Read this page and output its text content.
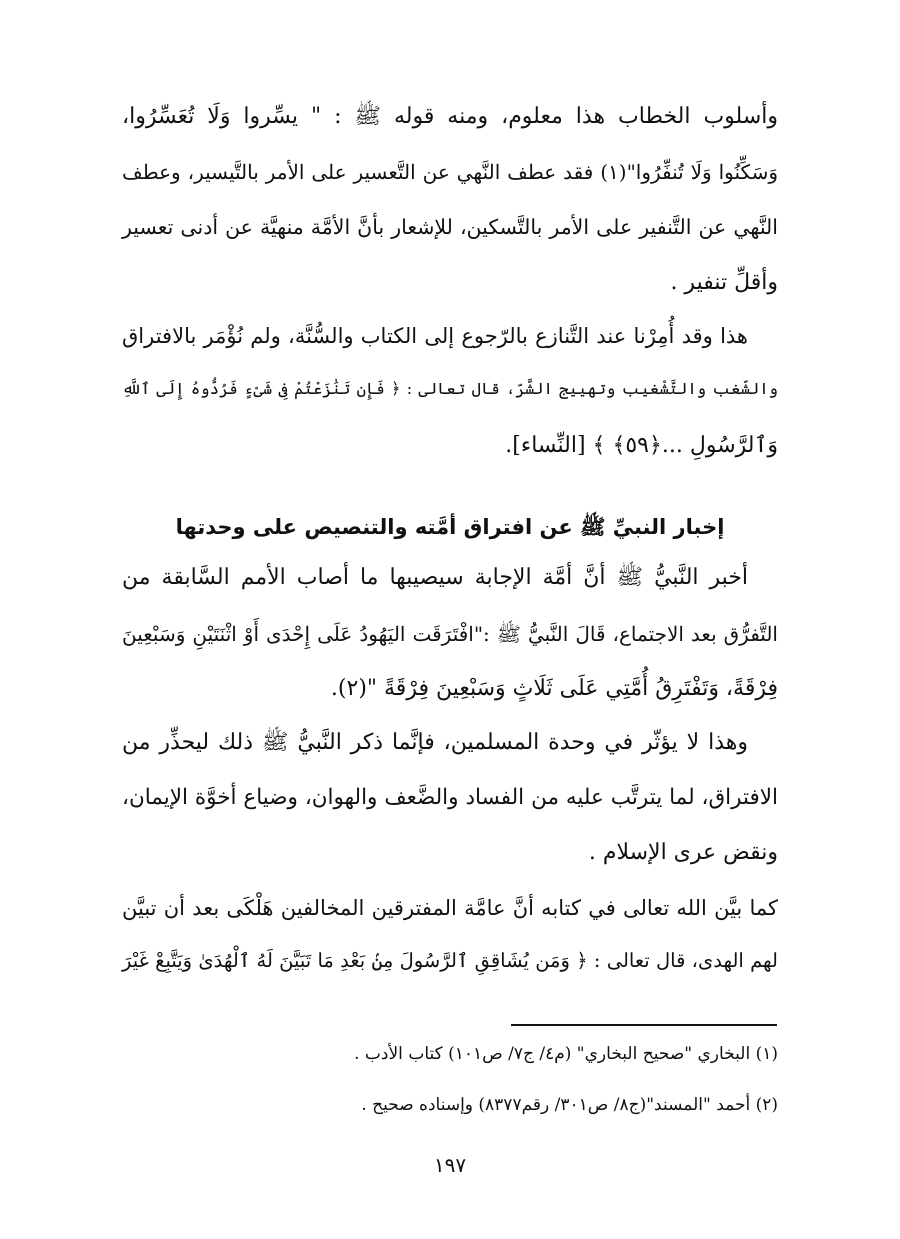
وأسلوب الخطاب هذا معلوم، ومنه قوله ﷺ : " يسِّروا وَلَا تُعَسِّرُوا،
وَسَكِّنُوا وَلَا تُنفِّرُوا"(١) فقد عطف النَّهي عن التَّعسير على الأمر بالتَّيسير، وعطف
النَّهي عن التَّنفير على الأمر بالتَّسكين، للإشعار بأنَّ الأمَّة منهيَّة عن أدنى تعسير
وأقلِّ تنفير .
هذا وقد أُمِرْنا عند التَّنازع بالرّجوع إلى الكتاب والسُّنَّة، ولم نُؤْمَر بالافتراق
والشّغب والتَّشْغيب وتهييج الشَّرّ، قال تعالى : ﴿ فَإِن تَنَٰزَعْتُمْ فِى شَىْءٍ فَرُدُّوهُ إِلَى ٱللَّهِ
وَٱلرَّسُولِ ...﴿٥٩﴾ ﴾ [النِّساء].
إخبار النبيِّ ﷺ عن افتراق أمَّته والتنصيص على وحدتها
أخبر النَّبيُّ ﷺ أنَّ أمَّة الإجابة سيصيبها ما أصاب الأمم السَّابقة من
التَّفرُّق بعد الاجتماع، قَالَ النَّبيُّ ﷺ :"افْتَرَقَت اليَهُودُ عَلَى إِحْدَى أَوْ اثْنَتَيْنِ وَسَبْعِينَ
فِرْقَةً، وَتَفْتَرِقُ أُمَّتِي عَلَى ثَلَاثٍ وَسَبْعِينَ فِرْقَةً "(٢).
وهذا لا يؤثّر في وحدة المسلمين، فإنَّما ذكر النَّبيُّ ﷺ ذلك ليحذِّر من
الافتراق، لما يترتَّب عليه من الفساد والضَّعف والهوان، وضياع أخوَّة الإيمان،
ونقض عرى الإسلام .
كما بيَّن الله تعالى في كتابه أنَّ عامَّة المفترقين المخالفين هَلْكَى بعد أن تبيَّن
لهم الهدى، قال تعالى : ﴿ وَمَن يُشَاقِقِ ٱلرَّسُولَ مِنۢ بَعْدِ مَا تَبَيَّنَ لَهُ ٱلْهُدَىٰ وَيَتَّبِعْ غَيْرَ
(١) البخاري "صحيح البخاري" (م٤/ ج٧/ ص١٠١) كتاب الأدب .
(٢) أحمد "المسند"(ج٨/ ص٣٠١/ رقم٨٣٧٧) وإسناده صحيح .
١٩٧
